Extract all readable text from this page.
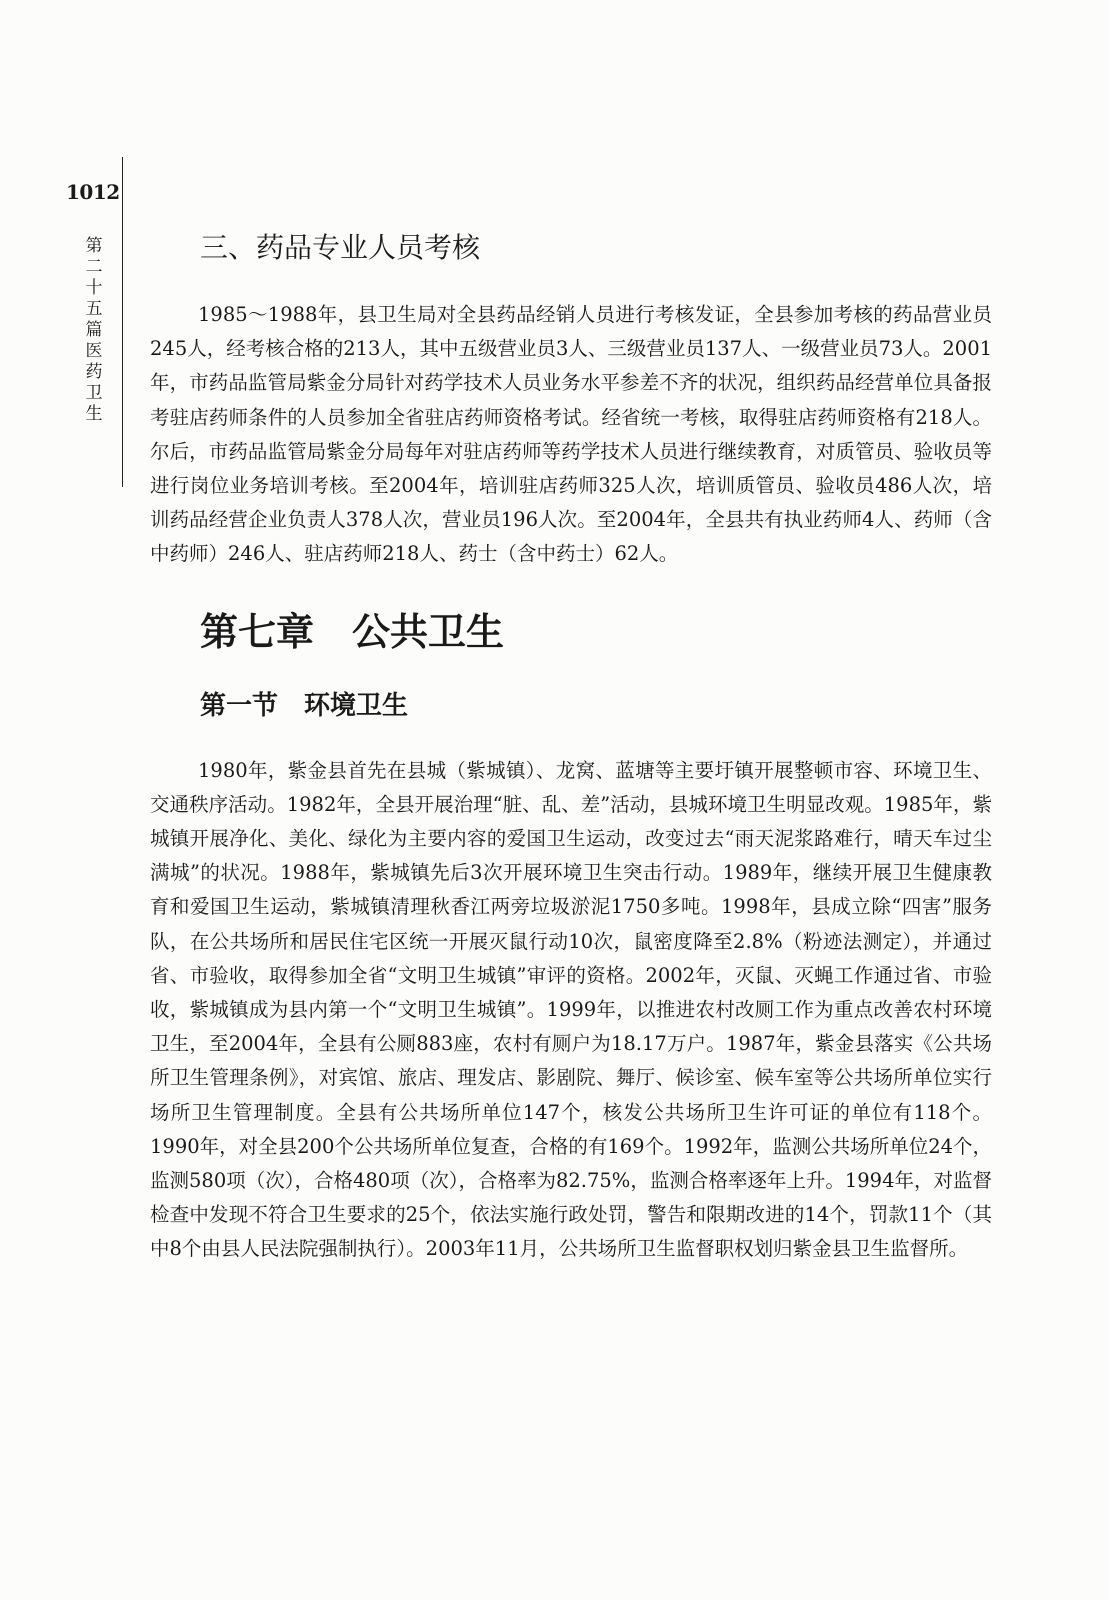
1012
第二十五篇 医药 卫生
三、药品专业人员考核

1985～1988年，县卫生局对全县药品经销人员进行考核发证，全县参加考核的药品营业员245人，经考核合格的213人，其中五级营业员3人、三级营业员137人、一级营业员73人。2001年，市药品监管局紫金分局针对药学技术人员业务水平参差不齐的状况，组织药品经营单位具备报考驻店药师条件的人员参加全省驻店药师资格考试。经省统一考核，取得驻店药师资格有218人。尔后，市药品监管局紫金分局每年对驻店药师等药学技术人员进行继续教育，对质管员、验收员等进行岗位业务培训考核。至2004年，培训驻店药师325人次，培训质管员、验收员486人次，培训药品经营企业负责人378人次，营业员196人次。至2004年，全县共有执业药师4人、药师（含中药师）246人、驻店药师218人、药士（含中药士）62人。

第七章　公共卫生
第一节　环境卫生

1980年，紫金县首先在县城（紫城镇）、龙窝、蓝塘等主要圩镇开展整顿市容、环境卫生、交通秩序活动。1982年，全县开展治理“脏、乱、差”活动，县城环境卫生明显改观。1985年，紫城镇开展净化、美化、绿化为主要内容的爱国卫生运动，改变过去“雨天泥浆路难行，晴天车过尘满城”的状况。1988年，紫城镇先后3次开展环境卫生突击行动。1989年，继续开展卫生健康教育和爱国卫生运动，紫城镇清理秋香江两旁垃圾淤泥1750多吨。1998年，县成立除“四害”服务队，在公共场所和居民住宅区统一开展灭鼠行动10次，鼠密度降至2.8%（粉迹法测定），并通过省、市验收，取得参加全省“文明卫生城镇”审评的资格。2002年，灭鼠、灭蝇工作通过省、市验收，紫城镇成为县内第一个“文明卫生城镇”。1999年，以推进农村改厕工作为重点改善农村环境卫生，至2004年，全县有公厕883座，农村有厕户为18.17万户。1987年，紫金县落实《公共场所卫生管理条例》，对宾馆、旅店、理发店、影剧院、舞厅、候诊室、候车室等公共场所单位实行场所卫生管理制度。全县有公共场所单位147个，核发公共场所卫生许可证的单位有118个。1990年，对全县200个公共场所单位复查，合格的有169个。1992年，监测公共场所单位24个，监测580项（次），合格480项（次），合格率为82.75%，监测合格率逐年上升。1994年，对监督检查中发现不符合卫生要求的25个，依法实施行政处罚，警告和限期改进的14个，罚款11个（其中8个由县人民法院强制执行）。2003年11月，公共场所卫生监督职权划归紫金县卫生监督所。
